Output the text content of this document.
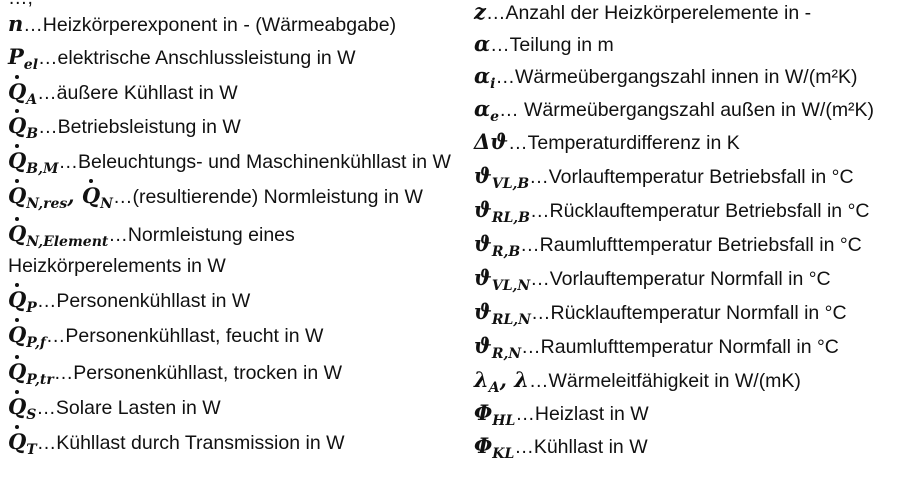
n…Heizkörperexponent in - (Wärmeabgabe)
$P_{el}\dots elektrische$ Anschlussleistung in W
$Q_A\dots äußere$ Kühllast in W
$Q_B\dots Betriebsleistung$ in W
$Q_{B,M}\dots Beleuchtungs-$ und Maschinenkühllast in W
$Q_{N,res}$, $Q_N\dots(resultierende)$ Normleistung in W
$Q_{N,Element}\dots Normleistung$ eines
Heizkörperelements in W
$Q_P\dots Personenkühllast$ in W
$Q_{P,f}\dots Personenkühllast$, feucht in W
$Q_{P,tr}\dots Personenkühllast$, trocken in W
$Q_S\dots Solare$ Lasten in W
$Q_T\dots Kühllast$ durch Transmission in W
z…Anzahl der Heizkörperelemente in -
α…Teilung in m
$\alpha_i\dots Wärmeübergangszahl$ innen in W/(m²K)
$\alpha_e\dots$ Wärmeübergangszahl außen in W/(m²K)
Δϑ…Temperaturdifferenz in K
$ϑ_{VL,B}\dots Vorlauftemperatur$ Betriebsfall in °C
$ϑ_{RL,B}\dots Rücklauftemperatur$ Betriebsfall in °C
$ϑ_{R,B}\dots Raumlufttemperatur$ Betriebsfall in °C
$ϑ_{VL,N}\dots Vorlauftemperatur$ Normfall in °C
$ϑ_{RL,N}\dots Rücklauftemperatur$ Normfall in °C
$ϑ_{R,N}\dots Raumlufttemperatur$ Normfall in °C
$\lambda_A$, λ…Wärmeleitfähigkeit in W/(mK)
$\Phi_{HL}\dots Heizlast$ in W
$\Phi_{KL}\dots Kühllast$ in W
